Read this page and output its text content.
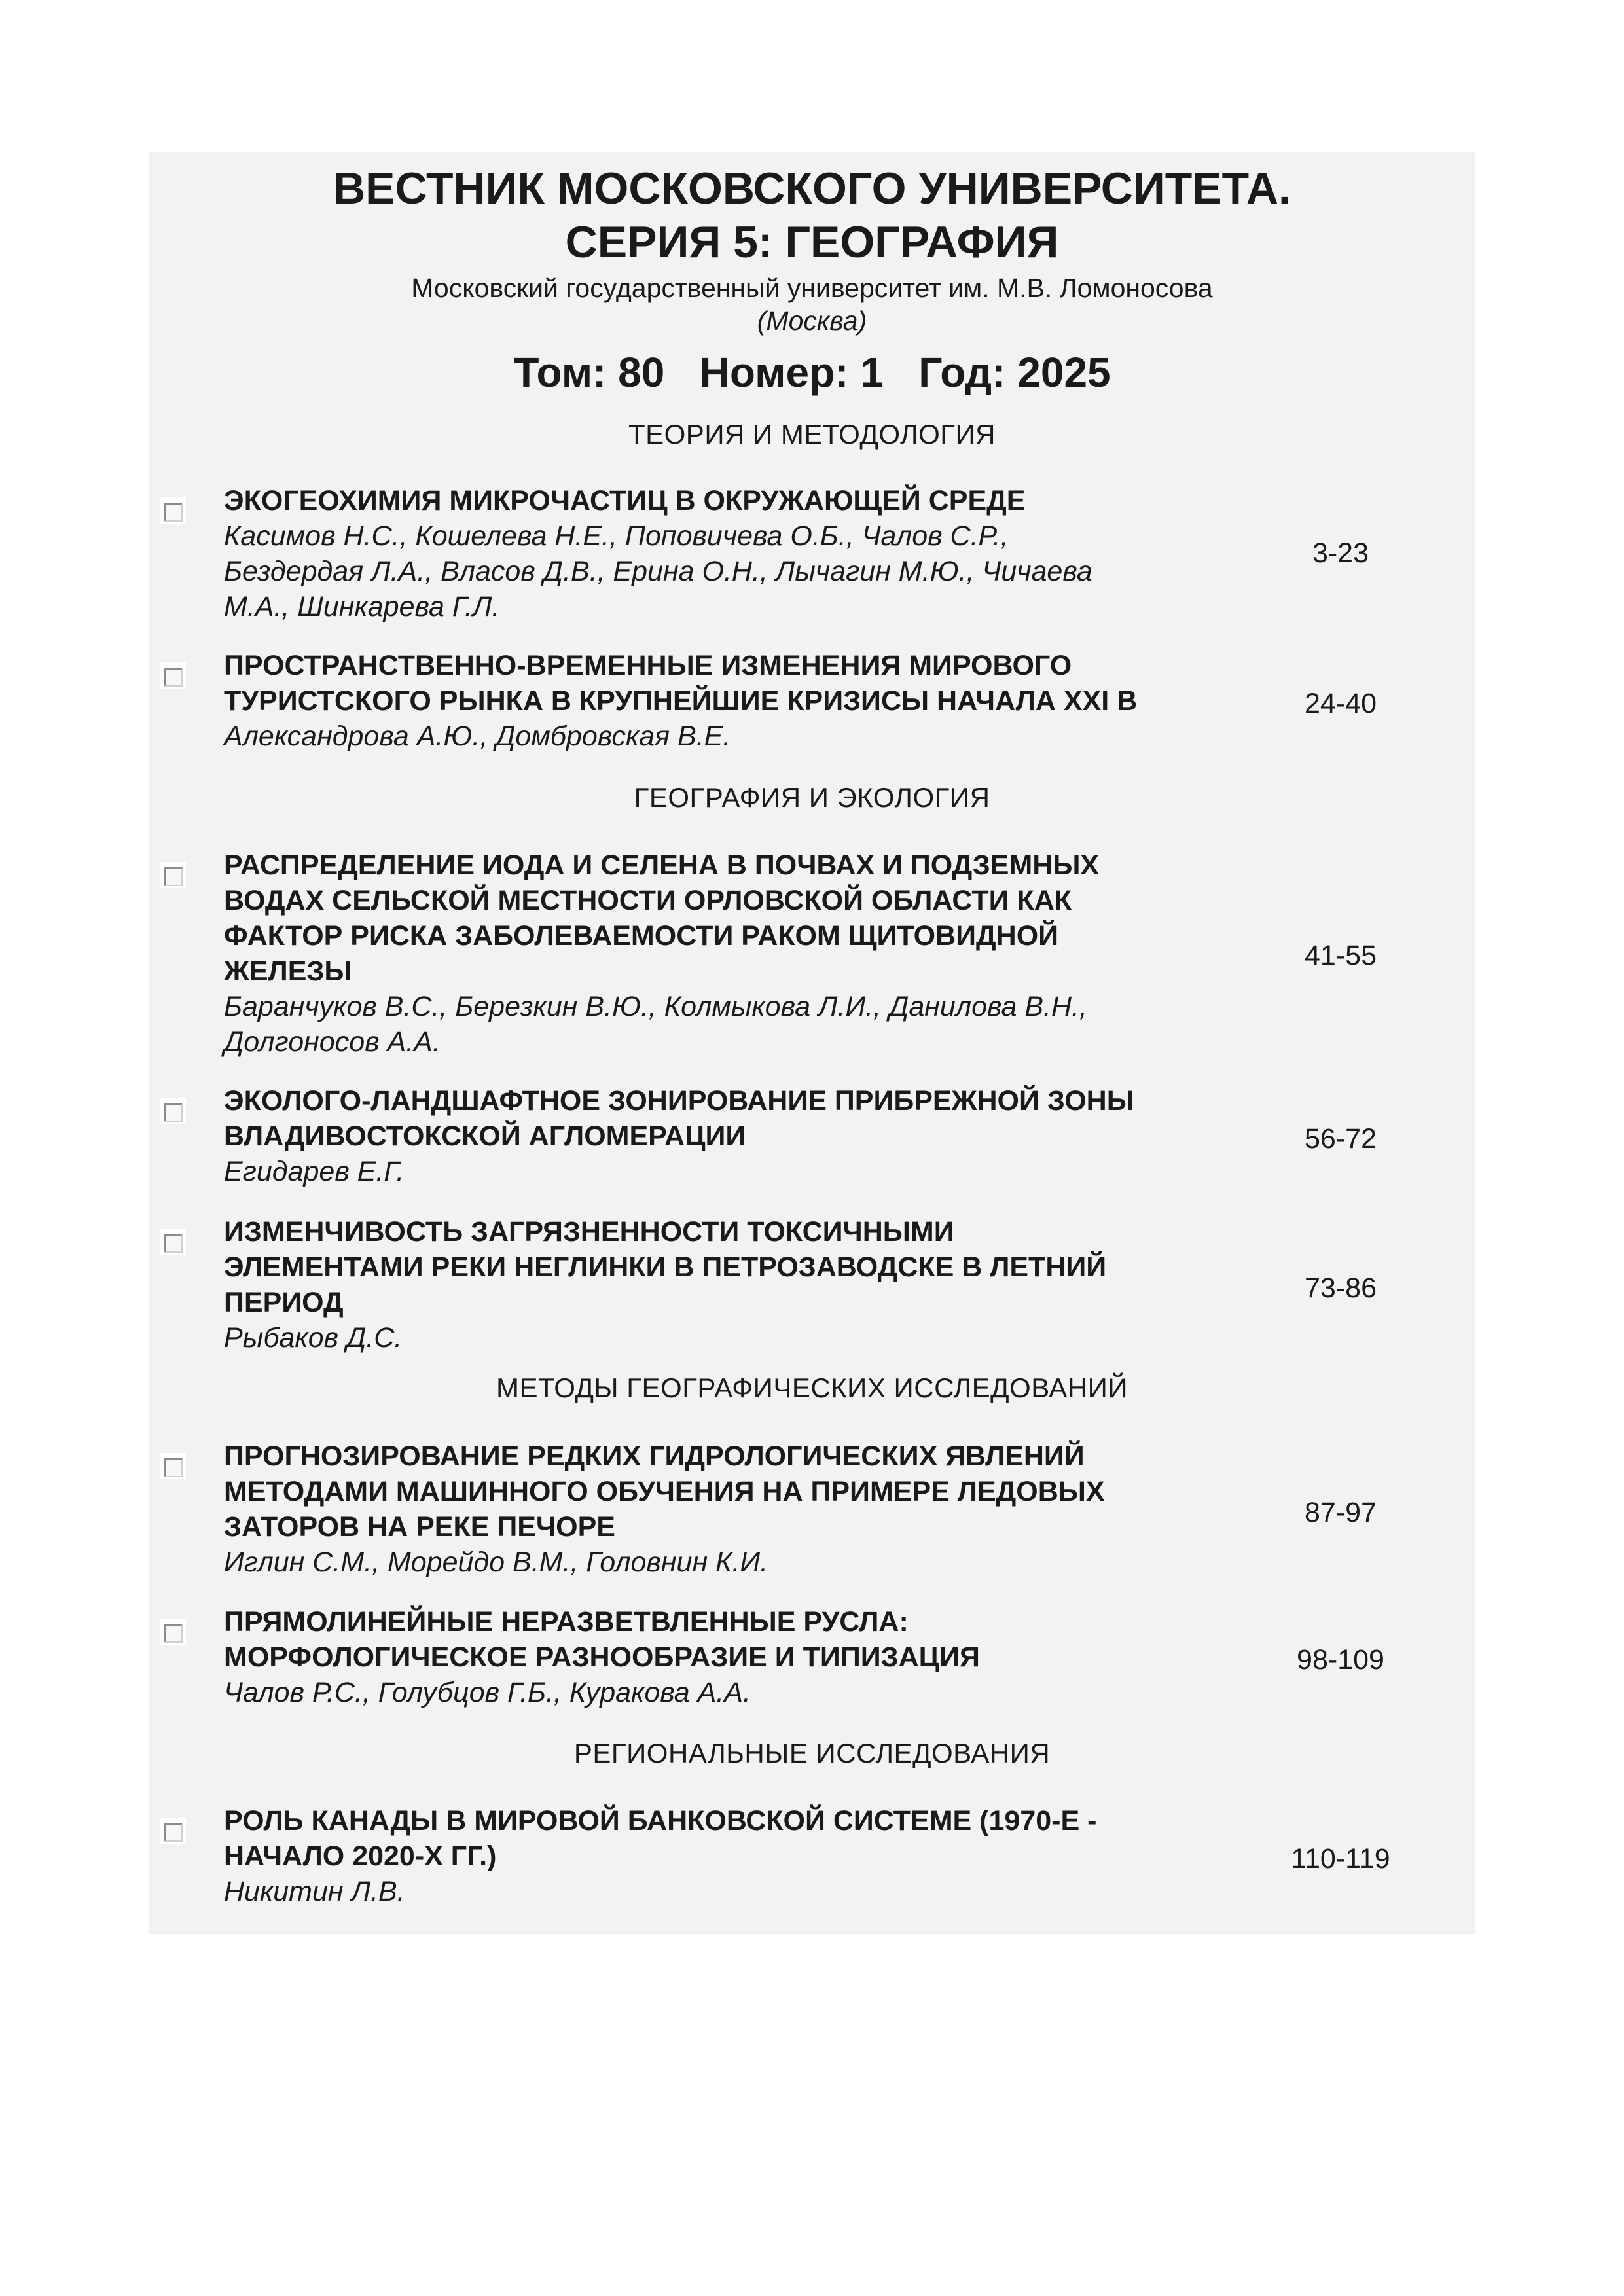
ВЕСТНИК МОСКОВСКОГО УНИВЕРСИТЕТА.
СЕРИЯ 5: ГЕОГРАФИЯ
Московский государственный университет им. М.В. Ломоносова
(Москва)
Том: 80 Номер: 1 Год: 2025
ТЕОРИЯ И МЕТОДОЛОГИЯ
ЭКОГЕОХИМИЯ МИКРОЧАСТИЦ В ОКРУЖАЮЩЕЙ СРЕДЕ
Касимов Н.С., Кошелева Н.Е., Поповичева О.Б., Чалов С.Р.,
Бездердая Л.А., Власов Д.В., Ерина О.Н., Лычагин М.Ю., Чичаева
М.А., Шинкарева Г.Л.
3-23
ПРОСТРАНСТВЕННО-ВРЕМЕННЫЕ ИЗМЕНЕНИЯ МИРОВОГО
ТУРИСТСКОГО РЫНКА В КРУПНЕЙШИЕ КРИЗИСЫ НАЧАЛА XXI В
Александрова А.Ю., Домбровская В.Е.
24-40
ГЕОГРАФИЯ И ЭКОЛОГИЯ
РАСПРЕДЕЛЕНИЕ ИОДА И СЕЛЕНА В ПОЧВАХ И ПОДЗЕМНЫХ
ВОДАХ СЕЛЬСКОЙ МЕСТНОСТИ ОРЛОВСКОЙ ОБЛАСТИ КАК
ФАКТОР РИСКА ЗАБОЛЕВАЕМОСТИ РАКОМ ЩИТОВИДНОЙ
ЖЕЛЕЗЫ
Баранчуков В.С., Березкин В.Ю., Колмыкова Л.И., Данилова В.Н.,
Долгоносов А.А.
41-55
ЭКОЛОГО-ЛАНДШАФТНОЕ ЗОНИРОВАНИЕ ПРИБРЕЖНОЙ ЗОНЫ
ВЛАДИВОСТОКСКОЙ АГЛОМЕРАЦИИ
Егидарев Е.Г.
56-72
ИЗМЕНЧИВОСТЬ ЗАГРЯЗНЕННОСТИ ТОКСИЧНЫМИ
ЭЛЕМЕНТАМИ РЕКИ НЕГЛИНКИ В ПЕТРОЗАВОДСКЕ В ЛЕТНИЙ
ПЕРИОД
Рыбаков Д.С.
73-86
МЕТОДЫ ГЕОГРАФИЧЕСКИХ ИССЛЕДОВАНИЙ
ПРОГНОЗИРОВАНИЕ РЕДКИХ ГИДРОЛОГИЧЕСКИХ ЯВЛЕНИЙ
МЕТОДАМИ МАШИННОГО ОБУЧЕНИЯ НА ПРИМЕРЕ ЛЕДОВЫХ
ЗАТОРОВ НА РЕКЕ ПЕЧОРЕ
Иглин С.М., Морейдо В.М., Головнин К.И.
87-97
ПРЯМОЛИНЕЙНЫЕ НЕРАЗВЕТВЛЕННЫЕ РУСЛА:
МОРФОЛОГИЧЕСКОЕ РАЗНООБРАЗИЕ И ТИПИЗАЦИЯ
Чалов Р.С., Голубцов Г.Б., Куракова А.А.
98-109
РЕГИОНАЛЬНЫЕ ИССЛЕДОВАНИЯ
РОЛЬ КАНАДЫ В МИРОВОЙ БАНКОВСКОЙ СИСТЕМЕ (1970-Е -
НАЧАЛО 2020-Х ГГ.)
Никитин Л.В.
110-119
